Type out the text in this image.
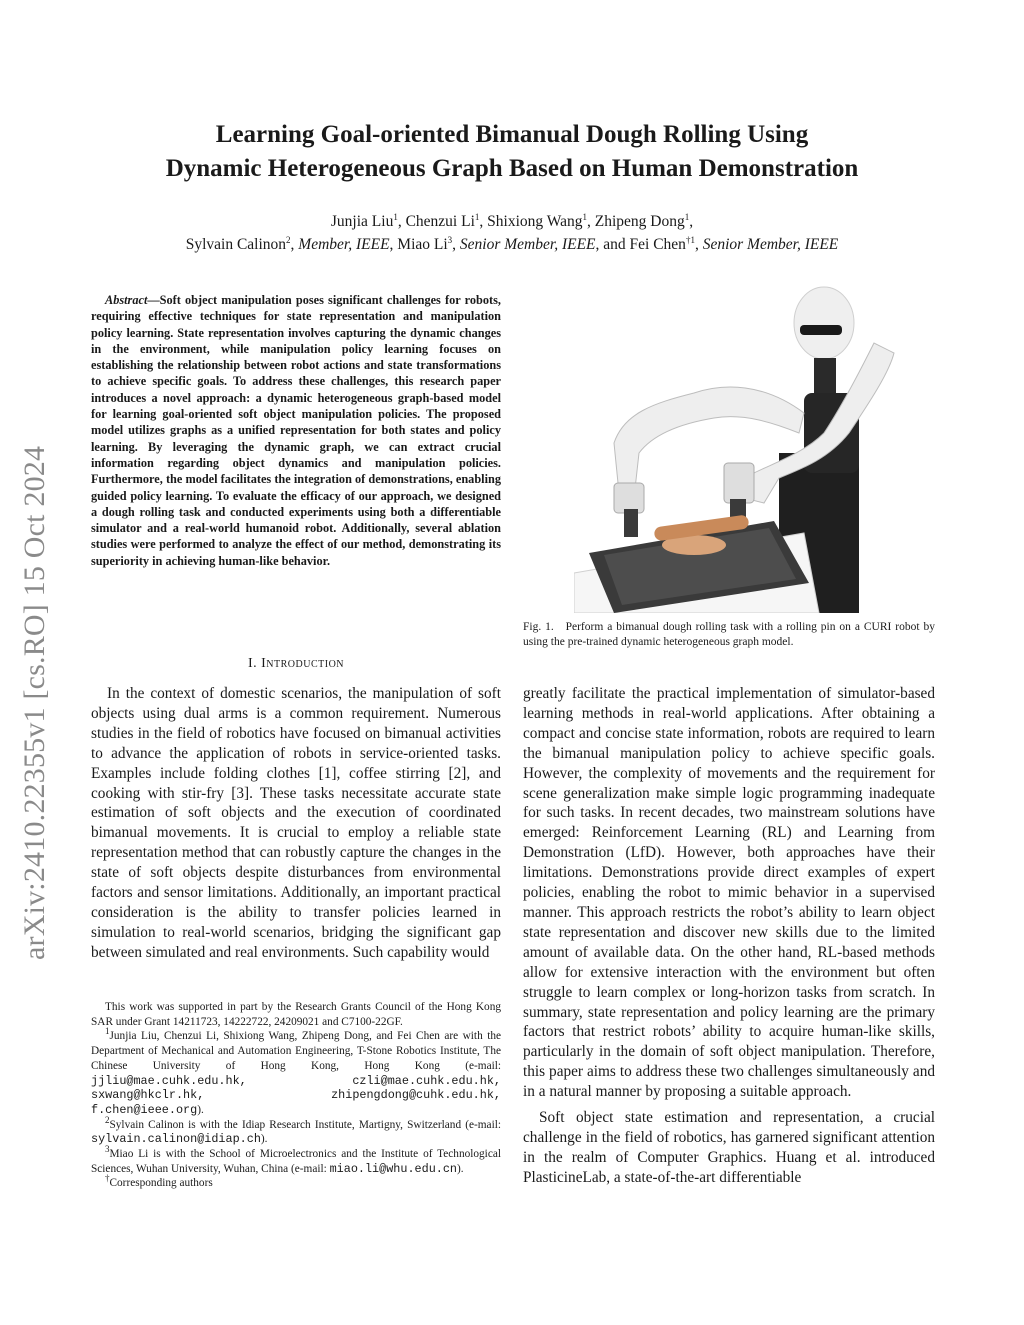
arXiv:2410.22355v1 [cs.RO] 15 Oct 2024
Learning Goal-oriented Bimanual Dough Rolling Using
Dynamic Heterogeneous Graph Based on Human Demonstration
Junjia Liu$^1$, Chenzui Li$^1$, Shixiong Wang$^1$, Zhipeng Dong$^1$,
Sylvain Calinon$^2$, Member, IEEE, Miao Li$^3$, Senior Member, IEEE, and Fei Chen$^{\dagger 1}$, Senior Member, IEEE
Abstract—Soft object manipulation poses significant challenges for robots, requiring effective techniques for state representation and manipulation policy learning. State representation involves capturing the dynamic changes in the environment, while manipulation policy learning focuses on establishing the relationship between robot actions and state transformations to achieve specific goals. To address these challenges, this research paper introduces a novel approach: a dynamic heterogeneous graph-based model for learning goal-oriented soft object manipulation policies. The proposed model utilizes graphs as a unified representation for both states and policy learning. By leveraging the dynamic graph, we can extract crucial information regarding object dynamics and manipulation policies. Furthermore, the model facilitates the integration of demonstrations, enabling guided policy learning. To evaluate the efficacy of our approach, we designed a dough rolling task and conducted experiments using both a differentiable simulator and a real-world humanoid robot. Additionally, several ablation studies were performed to analyze the effect of our method, demonstrating its superiority in achieving human-like behavior.
I. Introduction

In the context of domestic scenarios, the manipulation of soft objects using dual arms is a common requirement. Numerous studies in the field of robotics have focused on bimanual activities to advance the application of robots in service-oriented tasks. Examples include folding clothes [1], coffee stirring [2], and cooking with stir-fry [3]. These tasks necessitate accurate state estimation of soft objects and the execution of coordinated bimanual movements. It is crucial to employ a reliable state representation method that can robustly capture the changes in the state of soft objects despite disturbances from environmental factors and sensor limitations. Additionally, an important practical consideration is the ability to transfer policies learned in simulation to real-world scenarios, bridging the significant gap between simulated and real environments. Such capability would

This work was supported in part by the Research Grants Council of the Hong Kong SAR under Grant 14211723, 14222722, 24209021 and C7100-22GF.

$^1$Junjia Liu, Chenzui Li, Shixiong Wang, Zhipeng Dong, and Fei Chen are with the Department of Mechanical and Automation Engineering, T-Stone Robotics Institute, The Chinese University of Hong Kong, Hong Kong (e-mail: jjliu@mae.cuhk.edu.hk, czli@mae.cuhk.edu.hk, sxwang@hkclr.hk, zhipengdong@cuhk.edu.hk, f.chen@ieee.org).

$^2$Sylvain Calinon is with the Idiap Research Institute, Martigny, Switzerland (e-mail: sylvain.calinon@idiap.ch).

$^3$Miao Li is with the School of Microelectronics and the Institute of Technological Sciences, Wuhan University, Wuhan, China (e-mail: miao.li@whu.edu.cn).

†Corresponding authors

Fig. 1. Perform a bimanual dough rolling task with a rolling pin on a CURI robot by using the pre-trained dynamic heterogeneous graph model.

greatly facilitate the practical implementation of simulator-based learning methods in real-world applications. After obtaining a compact and concise state information, robots are required to learn the bimanual manipulation policy to achieve specific goals. However, the complexity of movements and the requirement for scene generalization make simple logic programming inadequate for such tasks. In recent decades, two mainstream solutions have emerged: Reinforcement Learning (RL) and Learning from Demonstration (LfD). However, both approaches have their limitations. Demonstrations provide direct examples of expert policies, enabling the robot to mimic behavior in a supervised manner. This approach restricts the robot’s ability to learn object state representation and discover new skills due to the limited amount of available data. On the other hand, RL-based methods allow for extensive interaction with the environment but often struggle to learn complex or long-horizon tasks from scratch. In summary, state representation and policy learning are the primary factors that restrict robots’ ability to acquire human-like skills, particularly in the domain of soft object manipulation. Therefore, this paper aims to address these two challenges simultaneously and in a natural manner by proposing a suitable approach.

Soft object state estimation and representation, a crucial challenge in the field of robotics, has garnered significant attention in the realm of Computer Graphics. Huang et al. introduced PlasticineLab, a state-of-the-art differentiable
